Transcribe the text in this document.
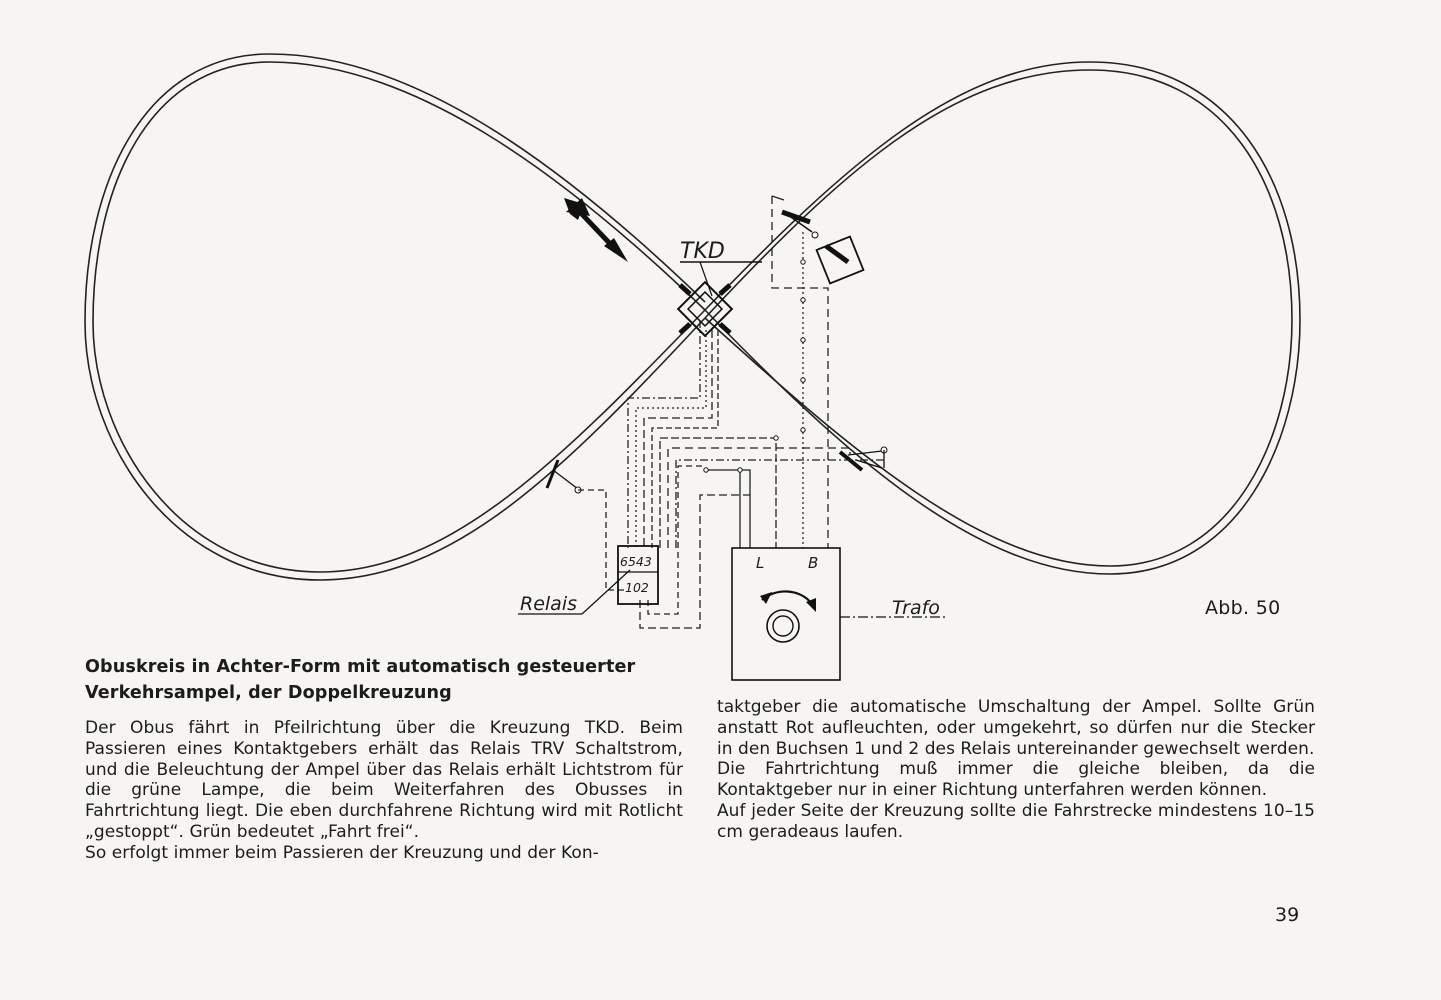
TKD
6543
102
Relais
L	B
Trafo	Abb. 50
Obuskreis in Achter-Form mit automatisch gesteuerter
Verkehrsampel, der Doppelkreuzung

Der Obus fährt in Pfeilrichtung über die Kreuzung TKD. Beim Passieren eines Kontaktgebers erhält das Relais TRV Schaltstrom, und die Beleuchtung der Ampel über das Relais erhält Lichtstrom für die grüne Lampe, die beim Weiterfahren des Obusses in Fahrtrichtung liegt. Die eben durchfahrene Richtung wird mit Rotlicht „gestoppt“. Grün bedeutet „Fahrt frei“.

So erfolgt immer beim Passieren der Kreuzung und der Kon-

taktgeber die automatische Umschaltung der Ampel. Sollte Grün anstatt Rot aufleuchten, oder umgekehrt, so dürfen nur die Stecker in den Buchsen 1 und 2 des Relais untereinander gewechselt werden.

Die Fahrtrichtung muß immer die gleiche bleiben, da die Kontaktgeber nur in einer Richtung unterfahren werden können.

Auf jeder Seite der Kreuzung sollte die Fahrstrecke mindestens 10–15 cm geradeaus laufen.

39
